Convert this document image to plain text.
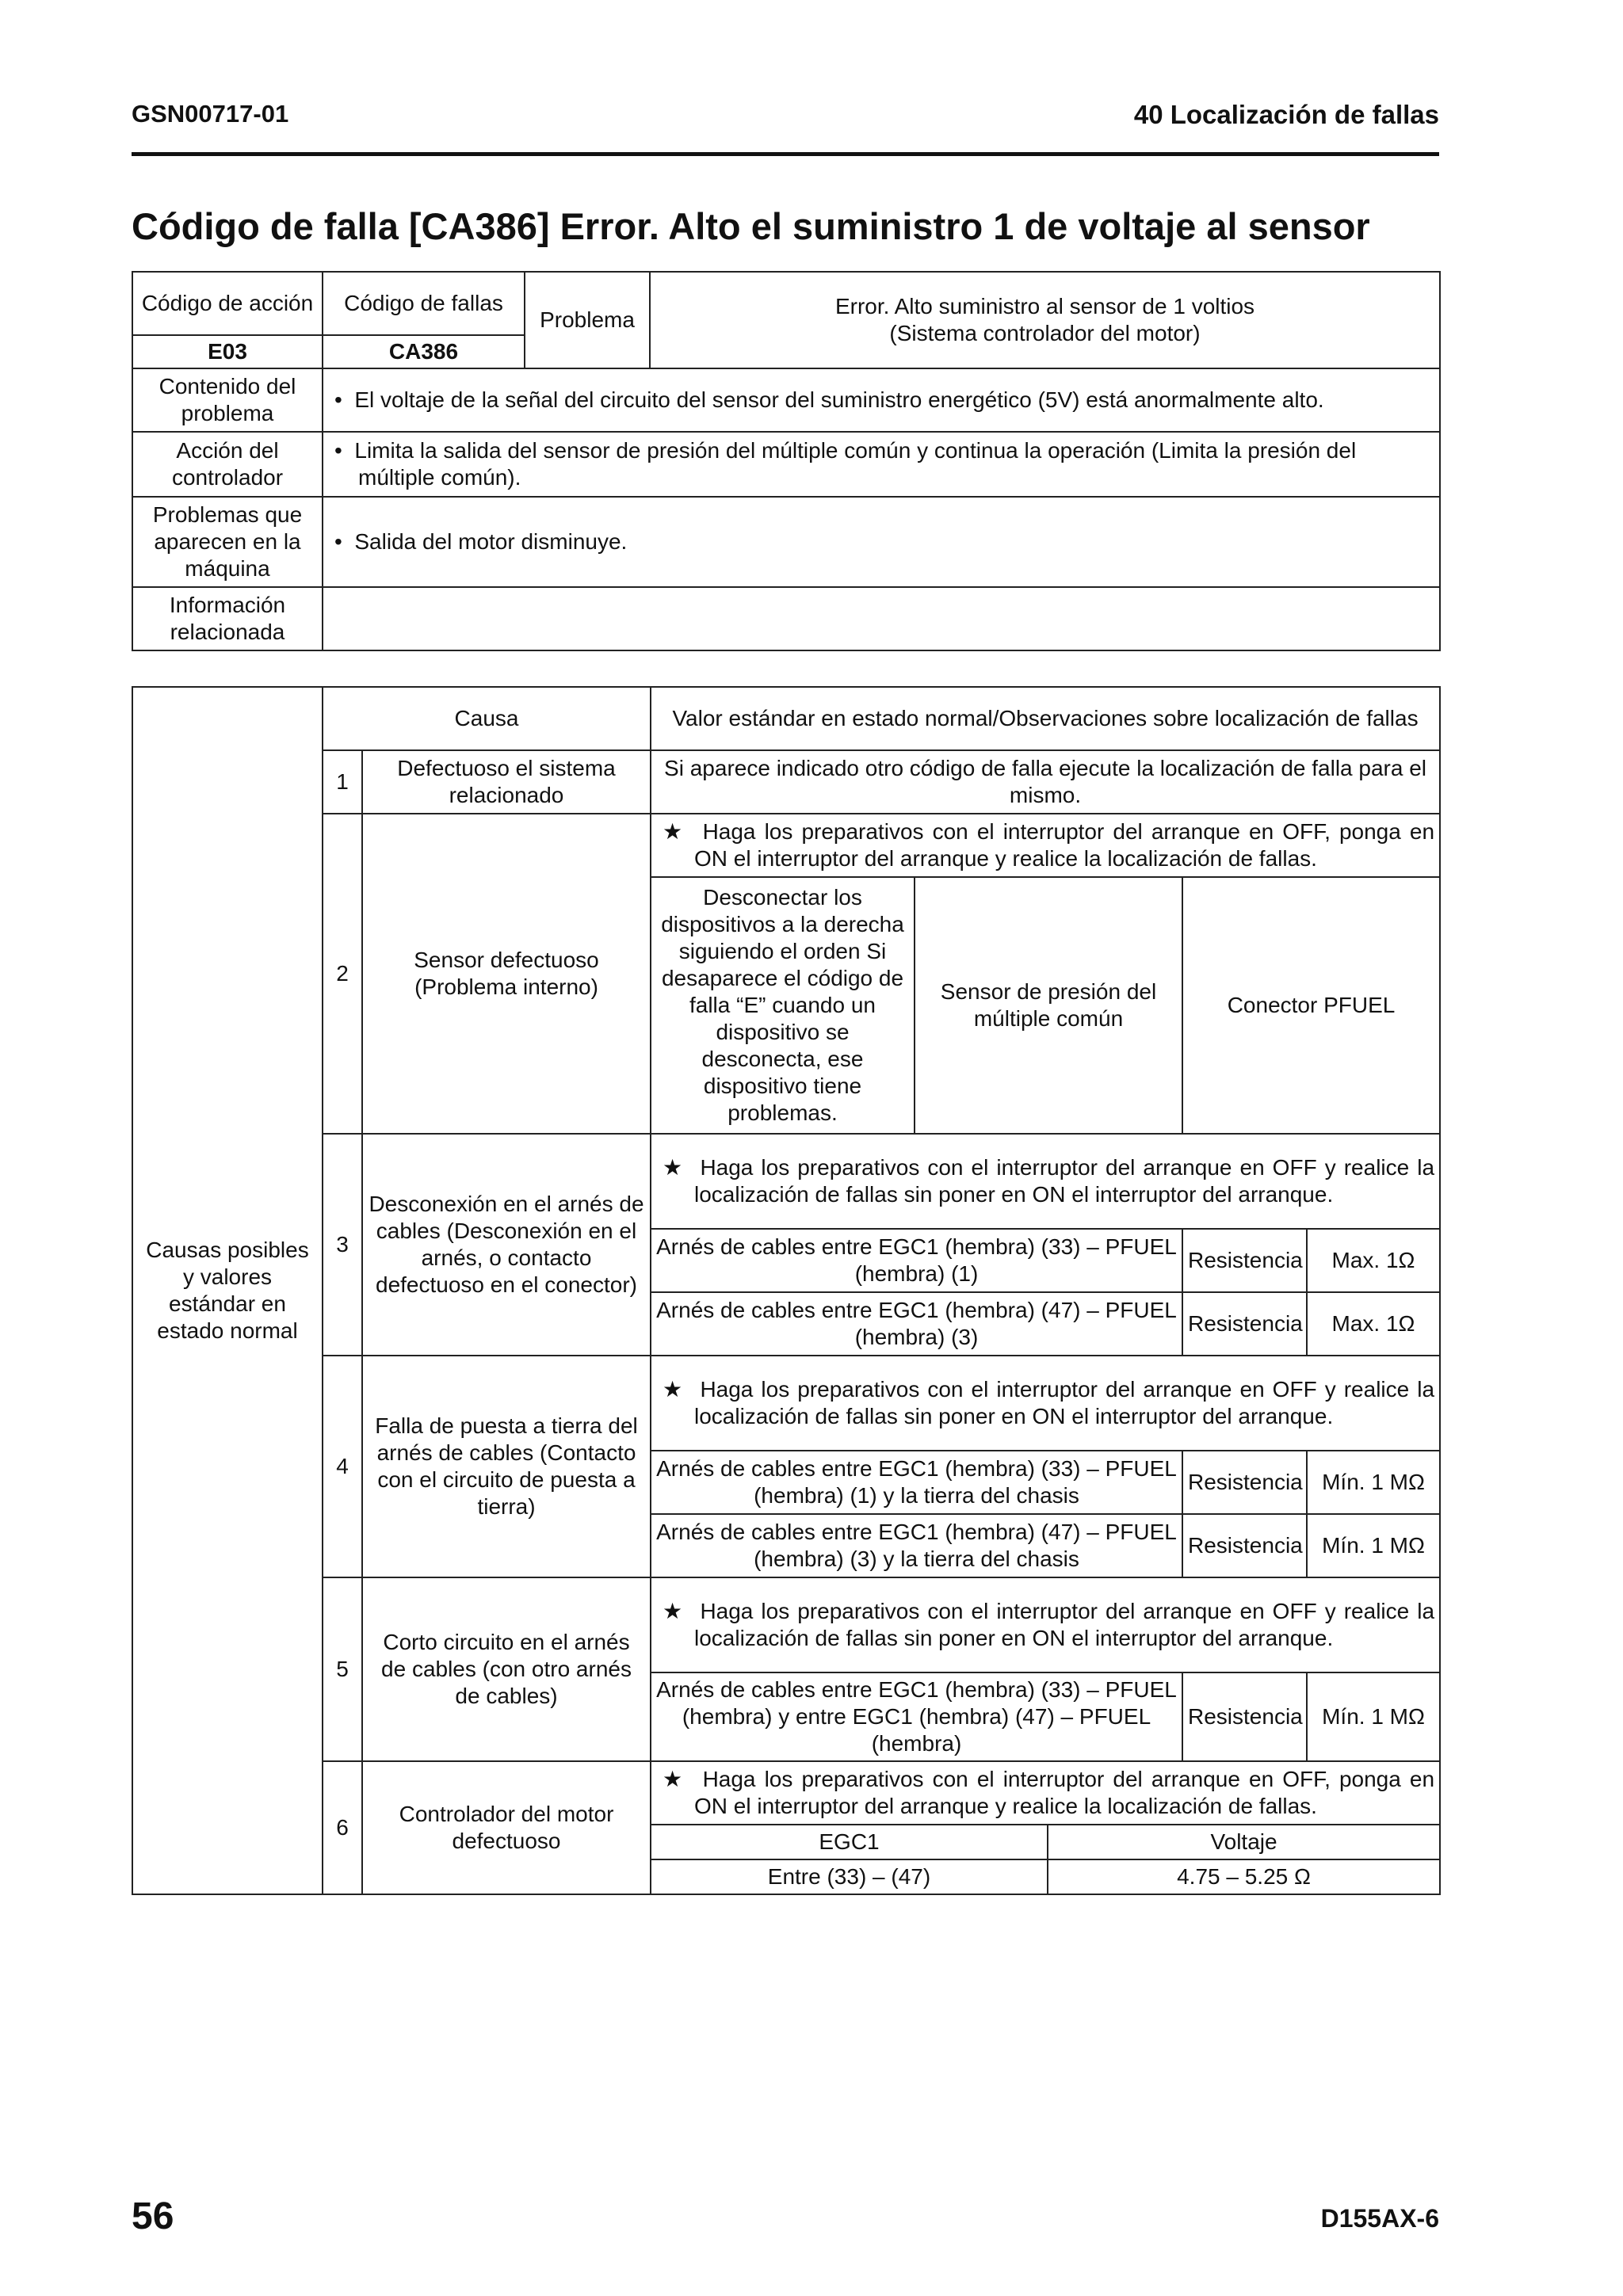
GSN00717-01	40 Localización de fallas
Código de falla [CA386] Error. Alto el suministro 1 de voltaje al sensor
Código de acción	Código de fallas	Problema	Error. Alto suministro al sensor de 1 voltios
(Sistema controlador del motor)

E03	CA386		
Contenido del problema	• El voltaje de la señal del circuito del sensor del suministro energético (5V) está anormalmente alto.		
Acción del controlador	• Limita la salida del sensor de presión del múltiple común y continua la operación (Limita la presión del múltiple común).		
Problemas que aparecen en la máquina	• Salida del motor disminuye.		
Información relacionada			
Causas posibles y valores estándar en estado normal	Causa		Valor estándar en estado normal/Observaciones sobre localización de fallas				
	1	Defectuoso el sistema relacionado	Si aparece indicado otro código de falla ejecute la localización de falla para el mismo.				
	2	Sensor defectuoso (Problema interno)	★ Haga los preparativos con el interruptor del arranque en OFF, ponga en ON el interruptor del arranque y realice la localización de fallas.				
			Desconectar los dispositivos a la derecha siguiendo el orden Si desaparece el código de falla “E” cuando un dispositivo se desconecta, ese dispositivo tiene problemas.	Sensor de presión del múltiple común		Conector PFUEL	
	3	Desconexión en el arnés de cables (Desconexión en el arnés, o contacto defectuoso en el conector)	★ Haga los preparativos con el interruptor del arranque en OFF y realice la localización de fallas sin poner en ON el interruptor del arranque.				
			Arnés de cables entre EGC1 (hembra) (33) – PFUEL (hembra) (1)			Resistencia	Max. 1Ω
			Arnés de cables entre EGC1 (hembra) (47) – PFUEL (hembra) (3)			Resistencia	Max. 1Ω
	4	Falla de puesta a tierra del arnés de cables (Contacto con el circuito de puesta a tierra)	★ Haga los preparativos con el interruptor del arranque en OFF y realice la localización de fallas sin poner en ON el interruptor del arranque.				
			Arnés de cables entre EGC1 (hembra) (33) – PFUEL (hembra) (1) y la tierra del chasis			Resistencia	Mín. 1 MΩ
			Arnés de cables entre EGC1 (hembra) (47) – PFUEL (hembra) (3) y la tierra del chasis			Resistencia	Mín. 1 MΩ
	5	Corto circuito en el arnés de cables (con otro arnés de cables)	★ Haga los preparativos con el interruptor del arranque en OFF y realice la localización de fallas sin poner en ON el interruptor del arranque.				
			Arnés de cables entre EGC1 (hembra) (33) – PFUEL (hembra) y entre EGC1 (hembra) (47) – PFUEL (hembra)			Resistencia	Mín. 1 MΩ
	6	Controlador del motor defectuoso	★ Haga los preparativos con el interruptor del arranque en OFF, ponga en ON el interruptor del arranque y realice la localización de fallas.				
			EGC1		Voltaje		
			Entre (33) – (47)		4.75 – 5.25 Ω		
56	D155AX-6
